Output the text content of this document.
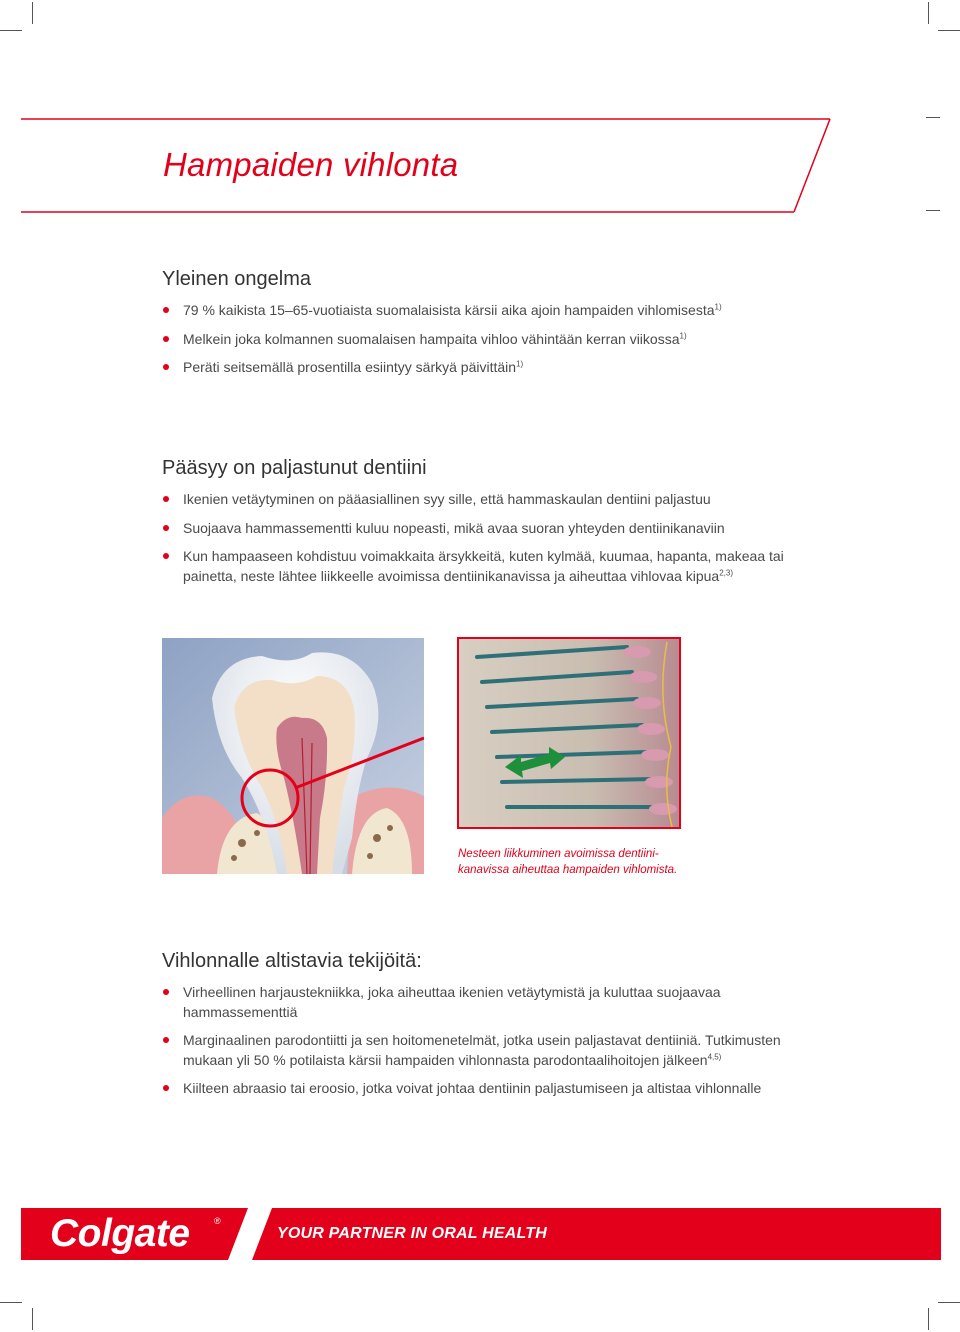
Hampaiden vihlonta
Yleinen ongelma
79 % kaikista 15–65-vuotiaista suomalaisista kärsii aika ajoin hampaiden vihlomisesta$^{1)}$
Melkein joka kolmannen suomalaisen hampaita vihloo vähintään kerran viikossa$^{1)}$
Peräti seitsemällä prosentilla esiintyy särkyä päivittäin$^{1)}$
Pääsyy on paljastunut dentiini
Ikenien vetäytyminen on pääasiallinen syy sille, että hammaskaulan dentiini paljastuu
Suojaava hammassementti kuluu nopeasti, mikä avaa suoran yhteyden dentiinikanaviin
Kun hampaaseen kohdistuu voimakkaita ärsykkeitä, kuten kylmää, kuumaa, hapanta, makeaa tai painetta, neste lähtee liikkeelle avoimissa dentiinikanavissa ja aiheuttaa vihlovaa kipua$^{2,3)}$

Nesteen liikkuminen avoimissa dentiini-kanavissa aiheuttaa hampaiden vihlomista.

Vihlonnalle altistavia tekijöitä:
Virheellinen harjaustekniikka, joka aiheuttaa ikenien vetäytymistä ja kuluttaa suojaavaa hammassementtiä
Marginaalinen parodontiitti ja sen hoitomenetelmät, jotka usein paljastavat dentiiniä. Tutkimusten mukaan yli 50 % potilaista kärsii hampaiden vihlonnasta parodontaalihoitojen jälkeen$^{4,5)}$
Kiilteen abraasio tai eroosio, jotka voivat johtaa dentiinin paljastumiseen ja altistaa vihlonnalle
Colgate	®
YOUR PARTNER IN ORAL HEALTH
